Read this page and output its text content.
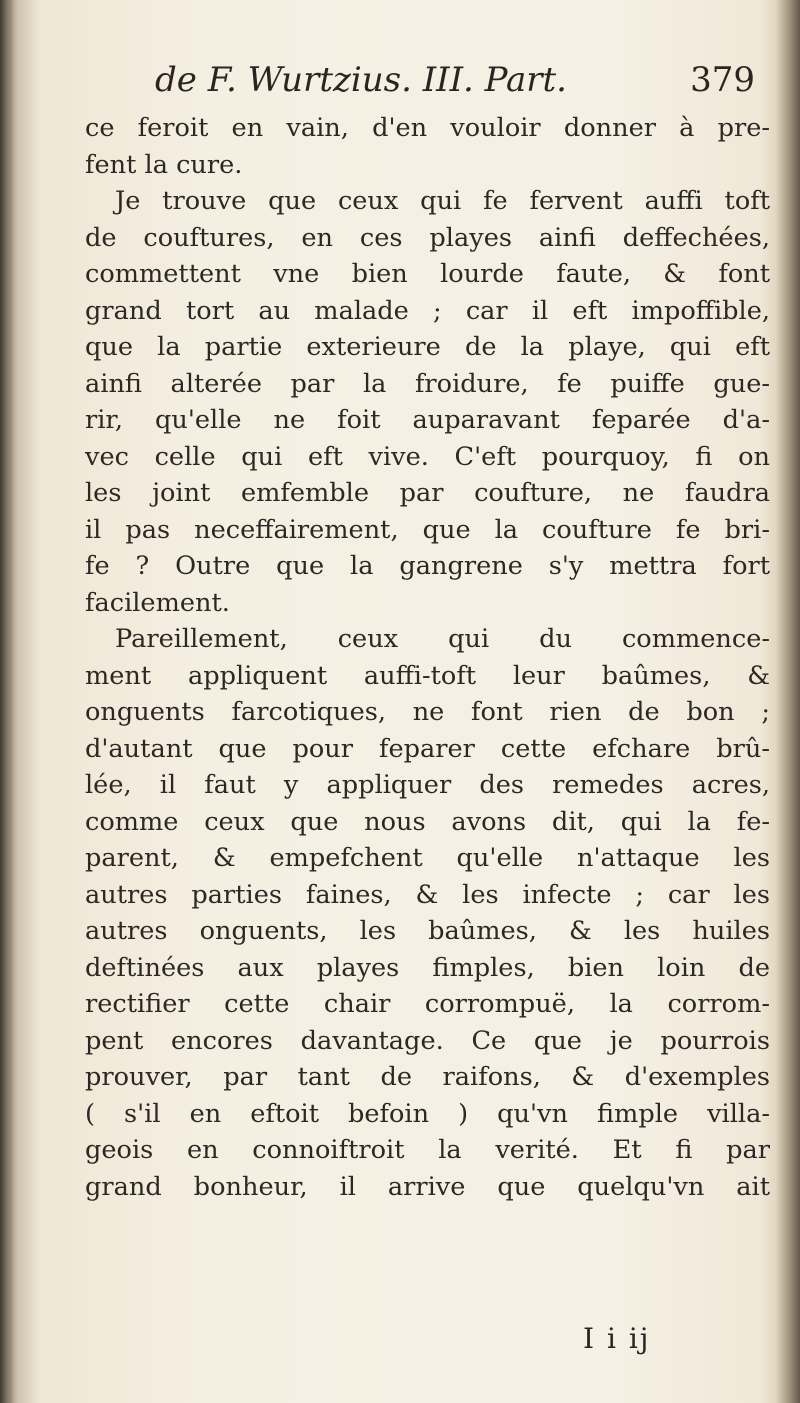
de F. Wurtzius. III. Part.	379
ce feroit en vain, d'en vouloir donner à pre-
fent la cure.
Je trouve que ceux qui fe fervent auffi toft
de couftures, en ces playes ainfi deffechées,
commettent vne bien lourde faute, & font
grand tort au malade ; car il eft impoffible,
que la partie exterieure de la playe, qui eft
ainfi alterée par la froidure, fe puiffe gue-
rir, qu'elle ne foit auparavant feparée d'a-
vec celle qui eft vive. C'eft pourquoy, fi on
les joint emfemble par coufture, ne faudra
il pas neceffairement, que la coufture fe bri-
fe ? Outre que la gangrene s'y mettra fort
facilement.
Pareillement, ceux qui du commence-
ment appliquent auffi-toft leur baûmes, &
onguents farcotiques, ne font rien de bon ;
d'autant que pour feparer cette efchare brû-
lée, il faut y appliquer des remedes acres,
comme ceux que nous avons dit, qui la fe-
parent, & empefchent qu'elle n'attaque les
autres parties faines, & les infecte ; car les
autres onguents, les baûmes, & les huiles
deftinées aux playes fimples, bien loin de
rectifier cette chair corrompuë, la corrom-
pent encores davantage. Ce que je pourrois
prouver, par tant de raifons, & d'exemples
( s'il en eftoit befoin ) qu'vn fimple villa-
geois en connoiftroit la verité. Et fi par
grand bonheur, il arrive que quelqu'vn ait
I i ij
